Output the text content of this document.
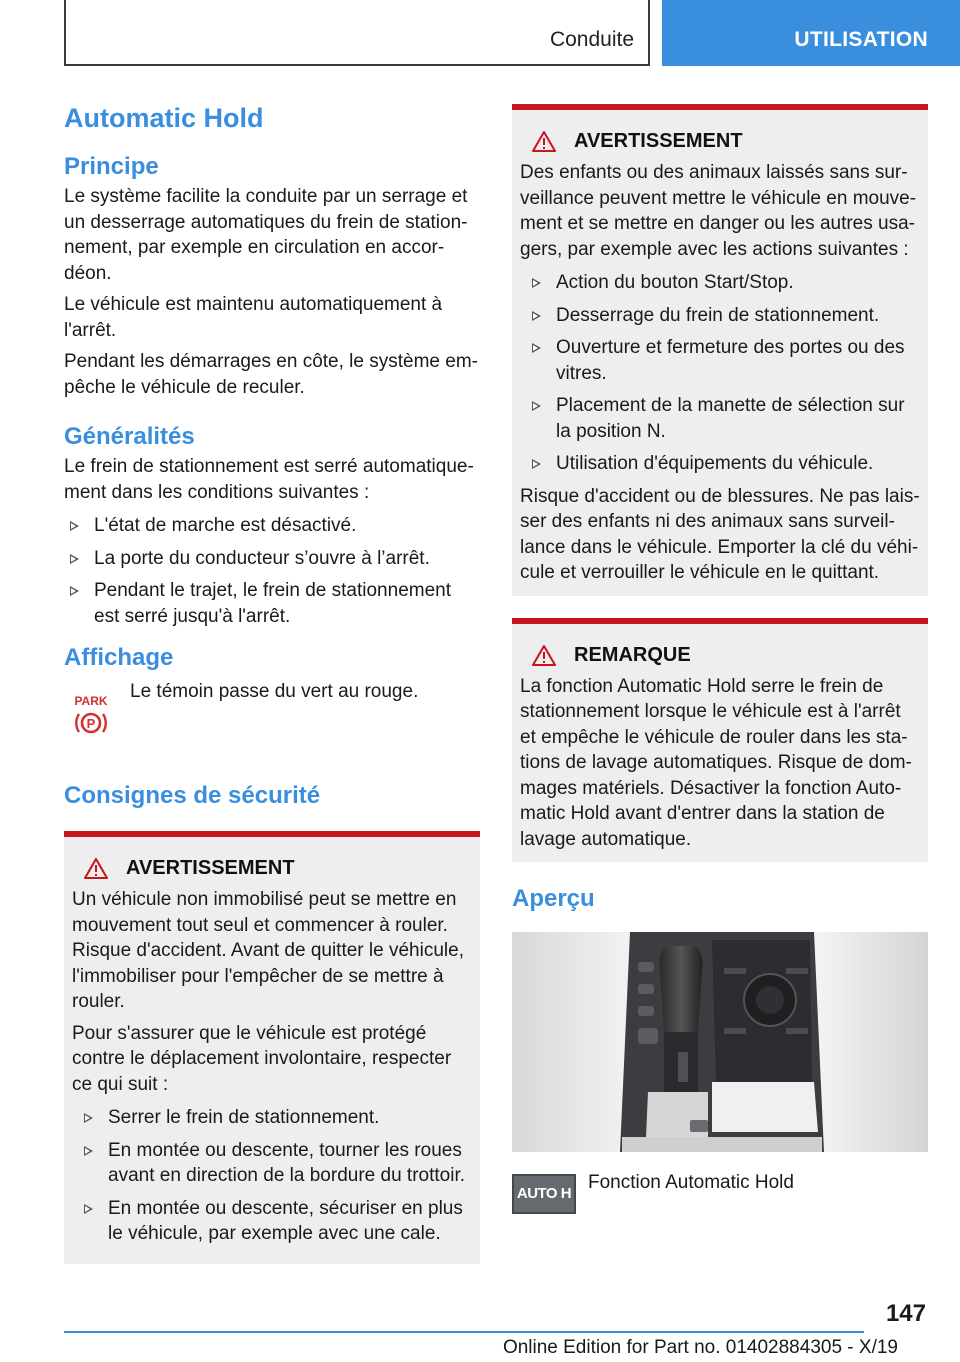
Conduite	UTILISATION
Automatic Hold
Principe

Le système facilite la conduite par un serrage et un desserrage automatiques du frein de stationnement, par exemple en circulation en accordéon.

Le véhicule est maintenu automatiquement à l'arrêt.

Pendant les démarrages en côte, le système empêche le véhicule de reculer.

Généralités

Le frein de stationnement est serré automatiquement dans les conditions suivantes :

L'état de marche est désactivé.
La porte du conducteur s’ouvre à l’arrêt.
Pendant le trajet, le frein de stationnement est serré jusqu'à l'arrêt.
Affichage
PARK
P
Le témoin passe du vert au rouge.
Consignes de sécurité
AVERTISSEMENT

Un véhicule non immobilisé peut se mettre en mouvement tout seul et commencer à rouler. Risque d'accident. Avant de quitter le véhicule, l'immobiliser pour l'empêcher de se mettre à rouler.

Pour s'assurer que le véhicule est protégé contre le déplacement involontaire, respecter ce qui suit :

Serrer le frein de stationnement.
En montée ou descente, tourner les roues avant en direction de la bordure du trottoir.
En montée ou descente, sécuriser en plus le véhicule, par exemple avec une cale.
AVERTISSEMENT

Des enfants ou des animaux laissés sans surveillance peuvent mettre le véhicule en mouvement et se mettre en danger ou les autres usagers, par exemple avec les actions suivantes :

Action du bouton Start/Stop.
Desserrage du frein de stationnement.
Ouverture et fermeture des portes ou des vitres.
Placement de la manette de sélection sur la position N.
Utilisation d'équipements du véhicule.

Risque d'accident ou de blessures. Ne pas laisser des enfants ni des animaux sans surveillance dans le véhicule. Emporter la clé du véhicule et verrouiller le véhicule en le quittant.

REMARQUE

La fonction Automatic Hold serre le frein de stationnement lorsque le véhicule est à l'arrêt et empêche le véhicule de rouler dans les stations de lavage automatiques. Risque de dommages matériels. Désactiver la fonction Automatic Hold avant d'entrer dans la station de lavage automatique.

Aperçu
AUTO H
Fonction Automatic Hold
147
Online Edition for Part no. 01402884305 - X/19
